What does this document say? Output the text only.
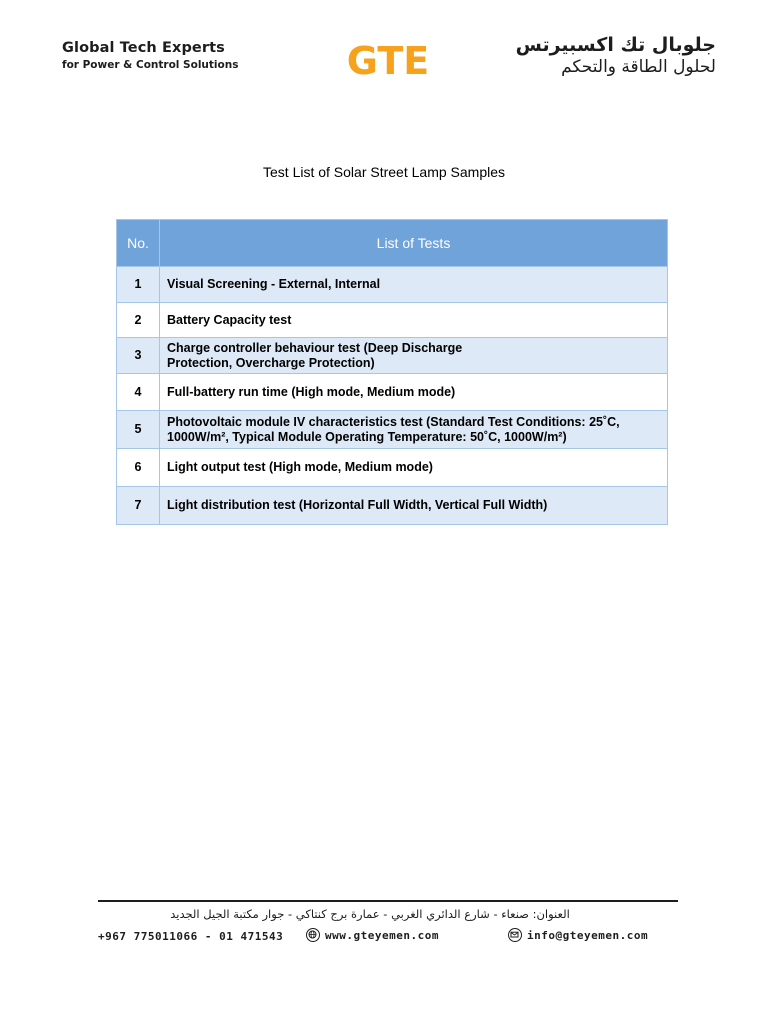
Global Tech Experts
for Power & Control Solutions	GTE	جلوبال تك اكسبيرتس
لحلول الطاقة والتحكم
Test List of Solar Street Lamp Samples
No.	List of Tests
1	Visual Screening - External, Internal
2	Battery Capacity test
3	Charge controller behaviour test (Deep Discharge
Protection, Overcharge Protection)
4	Full-battery run time (High mode, Medium mode)
5	Photovoltaic module IV characteristics test (Standard Test Conditions: 25˚C,
1000W/m², Typical Module Operating Temperature: 50˚C, 1000W/m²)
6	Light output test (High mode, Medium mode)
7	Light distribution test (Horizontal Full Width, Vertical Full Width)
العنوان: صنعاء - شارع الدائري الغربي - عمارة برج كنتاكي - جوار مكتبة الجيل الجديد
+967 775011066 - 01 471543	www.gteyemen.com	info@gteyemen.com
